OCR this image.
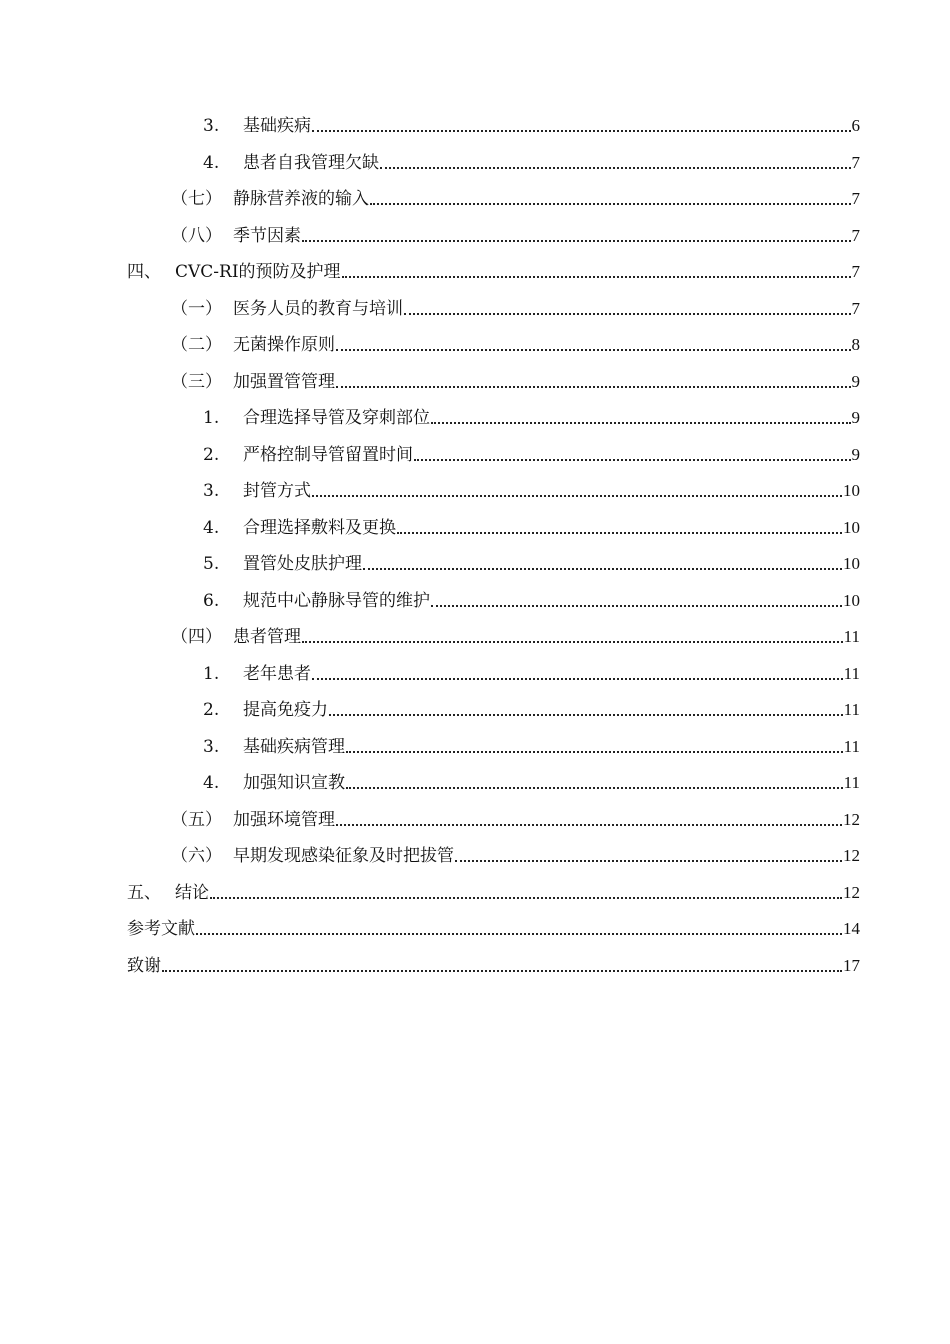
3.	基础疾病	6
4.	患者自我管理欠缺	7
（七） 静脉营养液的输入	7
（八） 季节因素	7
四、 CVC-RI的预防及护理	7
（一） 医务人员的教育与培训	7
（二） 无菌操作原则	8
（三） 加强置管管理	9
1.	合理选择导管及穿刺部位	9
2.	严格控制导管留置时间	9
3.	封管方式	10
4.	合理选择敷料及更换	10
5.	置管处皮肤护理	10
6.	规范中心静脉导管的维护	10
（四） 患者管理	11
1.	老年患者	11
2.	提高免疫力	11
3.	基础疾病管理	11
4.	加强知识宣教	11
（五） 加强环境管理	12
（六） 早期发现感染征象及时把拔管	12
五、 结论	12
参考文献	14
致谢	17
